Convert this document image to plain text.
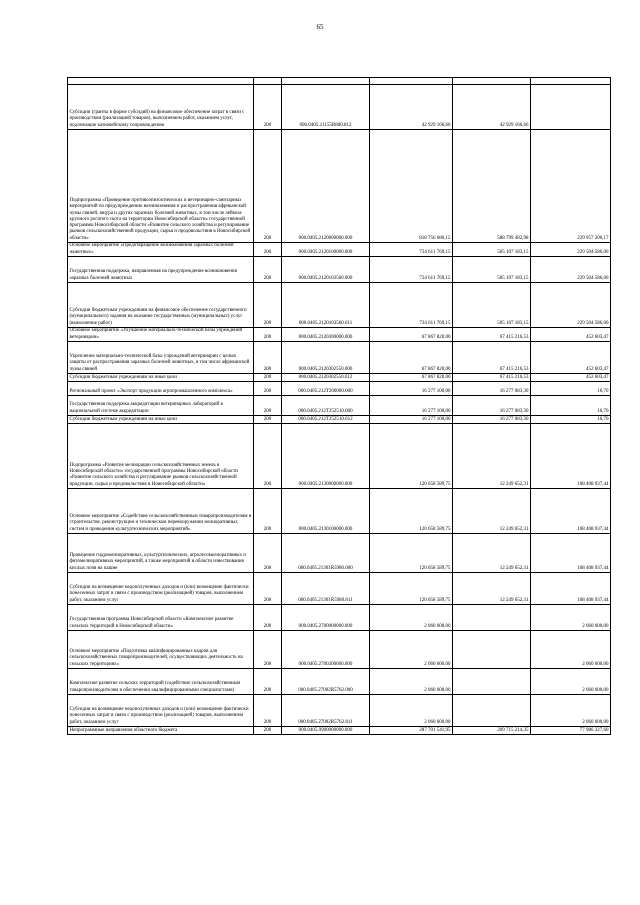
65

Субсидии (гранты в форме субсидий) на финансовое обеспечение затрат в связи с производством (реализацией товаров), выполнением работ, оказанием услуг, подлежащие казначейскому сопровождению	200	000.0405.21155R800.812	42 929 166,66	42 929 166,66	
Подпрограмма «Проведение противоэпизоотических и ветеринарно-санитарных мероприятий по предупреждению возникновения и распространения африканской чумы свиней, ящура и других заразных болезней животных, в том числе лейкоза крупного рогатого скота на территории Новосибирской области» государственной программы Новосибирской области «Развитие сельского хозяйства и регулирование рынков сельскохозяйственной продукции, сырья и продовольствия в Новосибирской области»	200	000.0405.2120000000.000	818 756 680,15	588 799 482,98	229 957 206,17
Основное мероприятие «Предотвращение возникновения заразных болезней животных»	200	000.0405.2120100000.000	734 611 769,15	505 107 183,15	229 504 586,00
Государственная поддержка, направленная на предупреждение возникновения заразных болезней животных	200	000.0405.2120103560.000	734 611 769,15	505 107 183,15	229 504 586,00
Субсидии бюджетным учреждениям на финансовое обеспечение государственного (муниципального) задания на оказание государственных (муниципальных) услуг (выполнение работ)	200	000.0405.2120103560.611	734 611 769,15	505 107 183,15	229 504 586,00
Основное мероприятие «Улучшение материально-технической базы учреждений ветеринарии»	200	000.0405.2120300000.000	67 867 820,00	67 415 216,53	452 603,47
Укрепление материально-технической базы учреждений ветеринарии с целью защиты от распространения заразных болезней животных, в том числе африканской чумы свиней	200	000.0405.2120302550.000	67 867 820,00	67 415 216,53	452 603,47
Субсидии бюджетным учреждениям на иные цели	200	000.0405.2120302550.612	67 867 820,00	67 415 216,53	452 603,47
Региональный проект «Экспорт продукции агропромышленного комплекса»	200	000.0405.212T200000.000	16 277 100,00	16 277 083,30	16,70
Государственная поддержка аккредитации ветеринарных лабораторий в национальной системе аккредитации	200	000.0405.212T252510.000	16 277 100,00	16 277 083,30	16,70
Субсидии бюджетным учреждениям на иные цели	200	000.0405.212T252510.612	16 277 100,00	16 277 083,30	16,70
Подпрограмма «Развитие мелиорации сельскохозяйственных земель в Новосибирской области» государственной программы Новосибирской области «Развитие сельского хозяйства и регулирование рынков сельскохозяйственной продукции, сырья и продовольствия в Новосибирской области»	200	000.0405.2130000000.000	120 658 589,75	12 249 652,31	108 408 937,44
Основное мероприятие «Содействие сельскохозяйственным товаропроизводителям в строительстве, реконструкции и техническом перевооружении мелиоративных систем и проведении культуртехнических мероприятий»	200	000.0405.2130100000.000	120 658 589,75	12 249 652,31	108 408 937,44
Проведение гидромелиоративных, культуртехнических, агролесомелиоративных и фитомелиоративных мероприятий, а также мероприятий в области известкования кислых почв на пашне	200	000.0405.21301R5980.000	120 658 589,75	12 249 652,31	108 408 937,44
Субсидии на возмещение недополученных доходов и (или) возмещение фактически понесенных затрат в связи с производством (реализацией) товаров, выполнением работ, оказанием услуг	200	000.0405.21301R5980.811	120 658 589,75	12 249 652,31	108 408 937,44
Государственная программа Новосибирской области «Комплексное развитие сельских территорий в Новосибирской области»	200	000.0405.2700000000.000	2 060 600,00		2 060 600,00
Основное мероприятие «Подготовка квалифицированных кадров для сельскохозяйственных товаропроизводителей, осуществляющих деятельность на сельских территориях»	200	000.0405.2700200000.000	2 060 600,00		2 060 600,00
Комплексное развитие сельских территорий (содействие сельскохозяйственным товаропроизводителям в обеспечении квалифицированными специалистами)	200	000.0405.27002R5762.000	2 060 600,00		2 060 600,00
Субсидии на возмещение недополученных доходов и (или) возмещение фактически понесенных затрат в связи с производством (реализацией) товаров, выполнением работ, оказанием услуг	200	000.0405.27002R5762.811	2 060 600,00		2 060 600,00
Непрограммные направления областного бюджета	200	000.0405.9900000000.000	287 701 541,95	209 715 214,35	77 986 327,60
